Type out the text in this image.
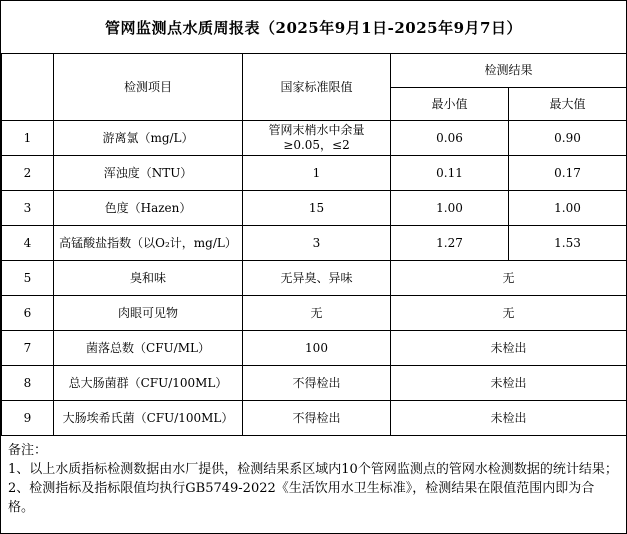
管网监测点水质周报表（2025年9月1日-2025年9月7日）
	检测项目	国家标准限值	检测结果	
			最小值	最大值
1	游离氯（mg/L）	管网末梢水中余量≥0.05，≤2	0.06	0.90
2	浑浊度（NTU）	1	0.11	0.17
3	色度（Hazen）	15	1.00	1.00
4	高锰酸盐指数（以O₂计，mg/L）	3	1.27	1.53
5	臭和味	无异臭、异味	无	
6	肉眼可见物	无	无	
7	菌落总数（CFU/ML）	100	未检出	
8	总大肠菌群（CFU/100ML）	不得检出	未检出	
9	大肠埃希氏菌（CFU/100ML）	不得检出	未检出	

备注：

1、以上水质指标检测数据由水厂提供，检测结果系区域内10个管网监测点的管网水检测数据的统计结果；

2、检测指标及指标限值均执行GB5749-2022《生活饮用水卫生标准》，检测结果在限值范围内即为合格。
